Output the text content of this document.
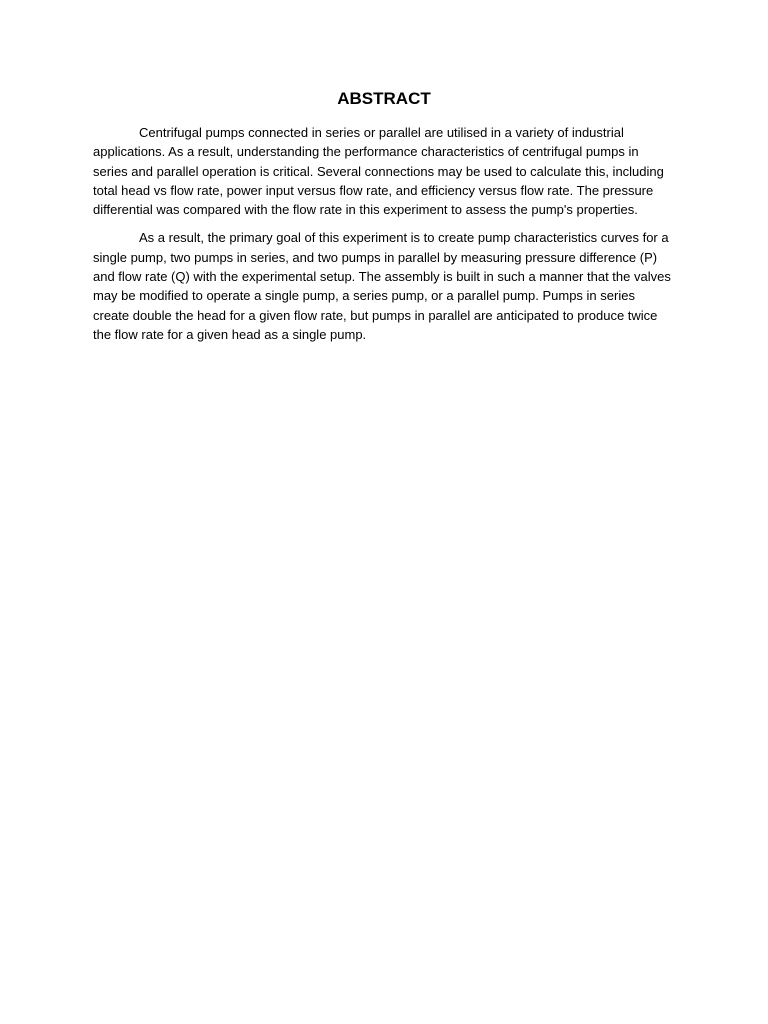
ABSTRACT

Centrifugal pumps connected in series or parallel are utilised in a variety of industrial applications. As a result, understanding the performance characteristics of centrifugal pumps in series and parallel operation is critical. Several connections may be used to calculate this, including total head vs flow rate, power input versus flow rate, and efficiency versus flow rate. The pressure differential was compared with the flow rate in this experiment to assess the pump's properties.

As a result, the primary goal of this experiment is to create pump characteristics curves for a single pump, two pumps in series, and two pumps in parallel by measuring pressure difference (P) and flow rate (Q) with the experimental setup. The assembly is built in such a manner that the valves may be modified to operate a single pump, a series pump, or a parallel pump. Pumps in series create double the head for a given flow rate, but pumps in parallel are anticipated to produce twice the flow rate for a given head as a single pump.
